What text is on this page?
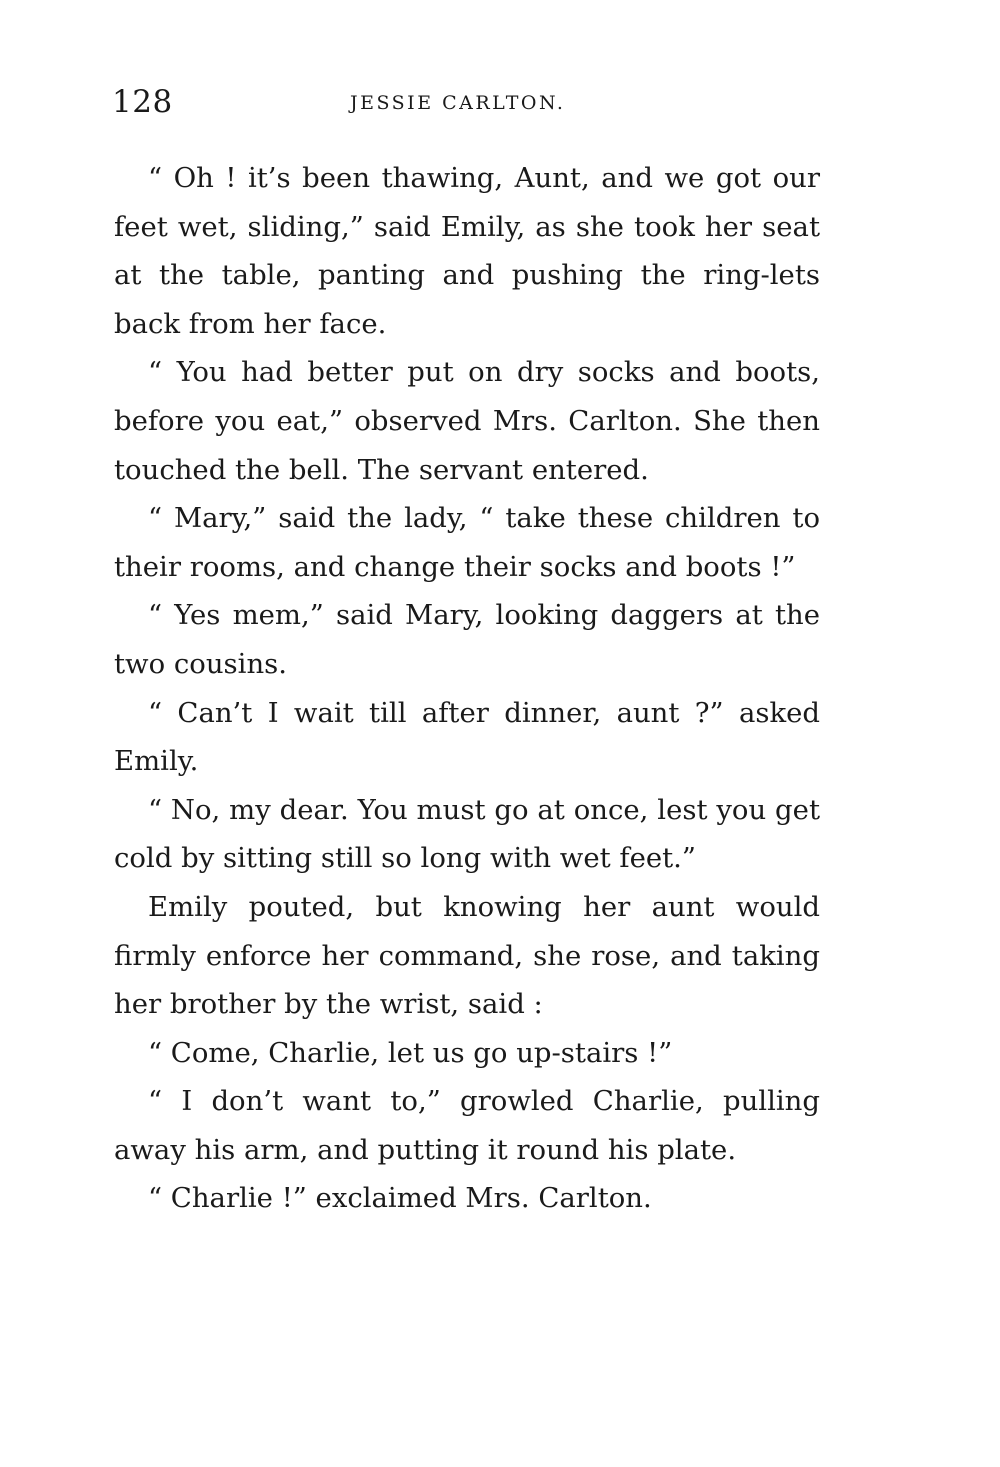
128	JESSIE CARLTON.

“ Oh ! it’s been thawing, Aunt, and we got our feet wet, sliding,” said Emily, as she took her seat at the table, panting and pushing the ring-lets back from her face.

“ You had better put on dry socks and boots, before you eat,” observed Mrs. Carlton. She then touched the bell. The servant entered.

“ Mary,” said the lady, “ take these children to their rooms, and change their socks and boots !”

“ Yes mem,” said Mary, looking daggers at the two cousins.

“ Can’t I wait till after dinner, aunt ?” asked Emily.

“ No, my dear. You must go at once, lest you get cold by sitting still so long with wet feet.”

Emily pouted, but knowing her aunt would firmly enforce her command, she rose, and taking her brother by the wrist, said :

“ Come, Charlie, let us go up-stairs !”

“ I don’t want to,” growled Charlie, pulling away his arm, and putting it round his plate.

“ Charlie !” exclaimed Mrs. Carlton.
